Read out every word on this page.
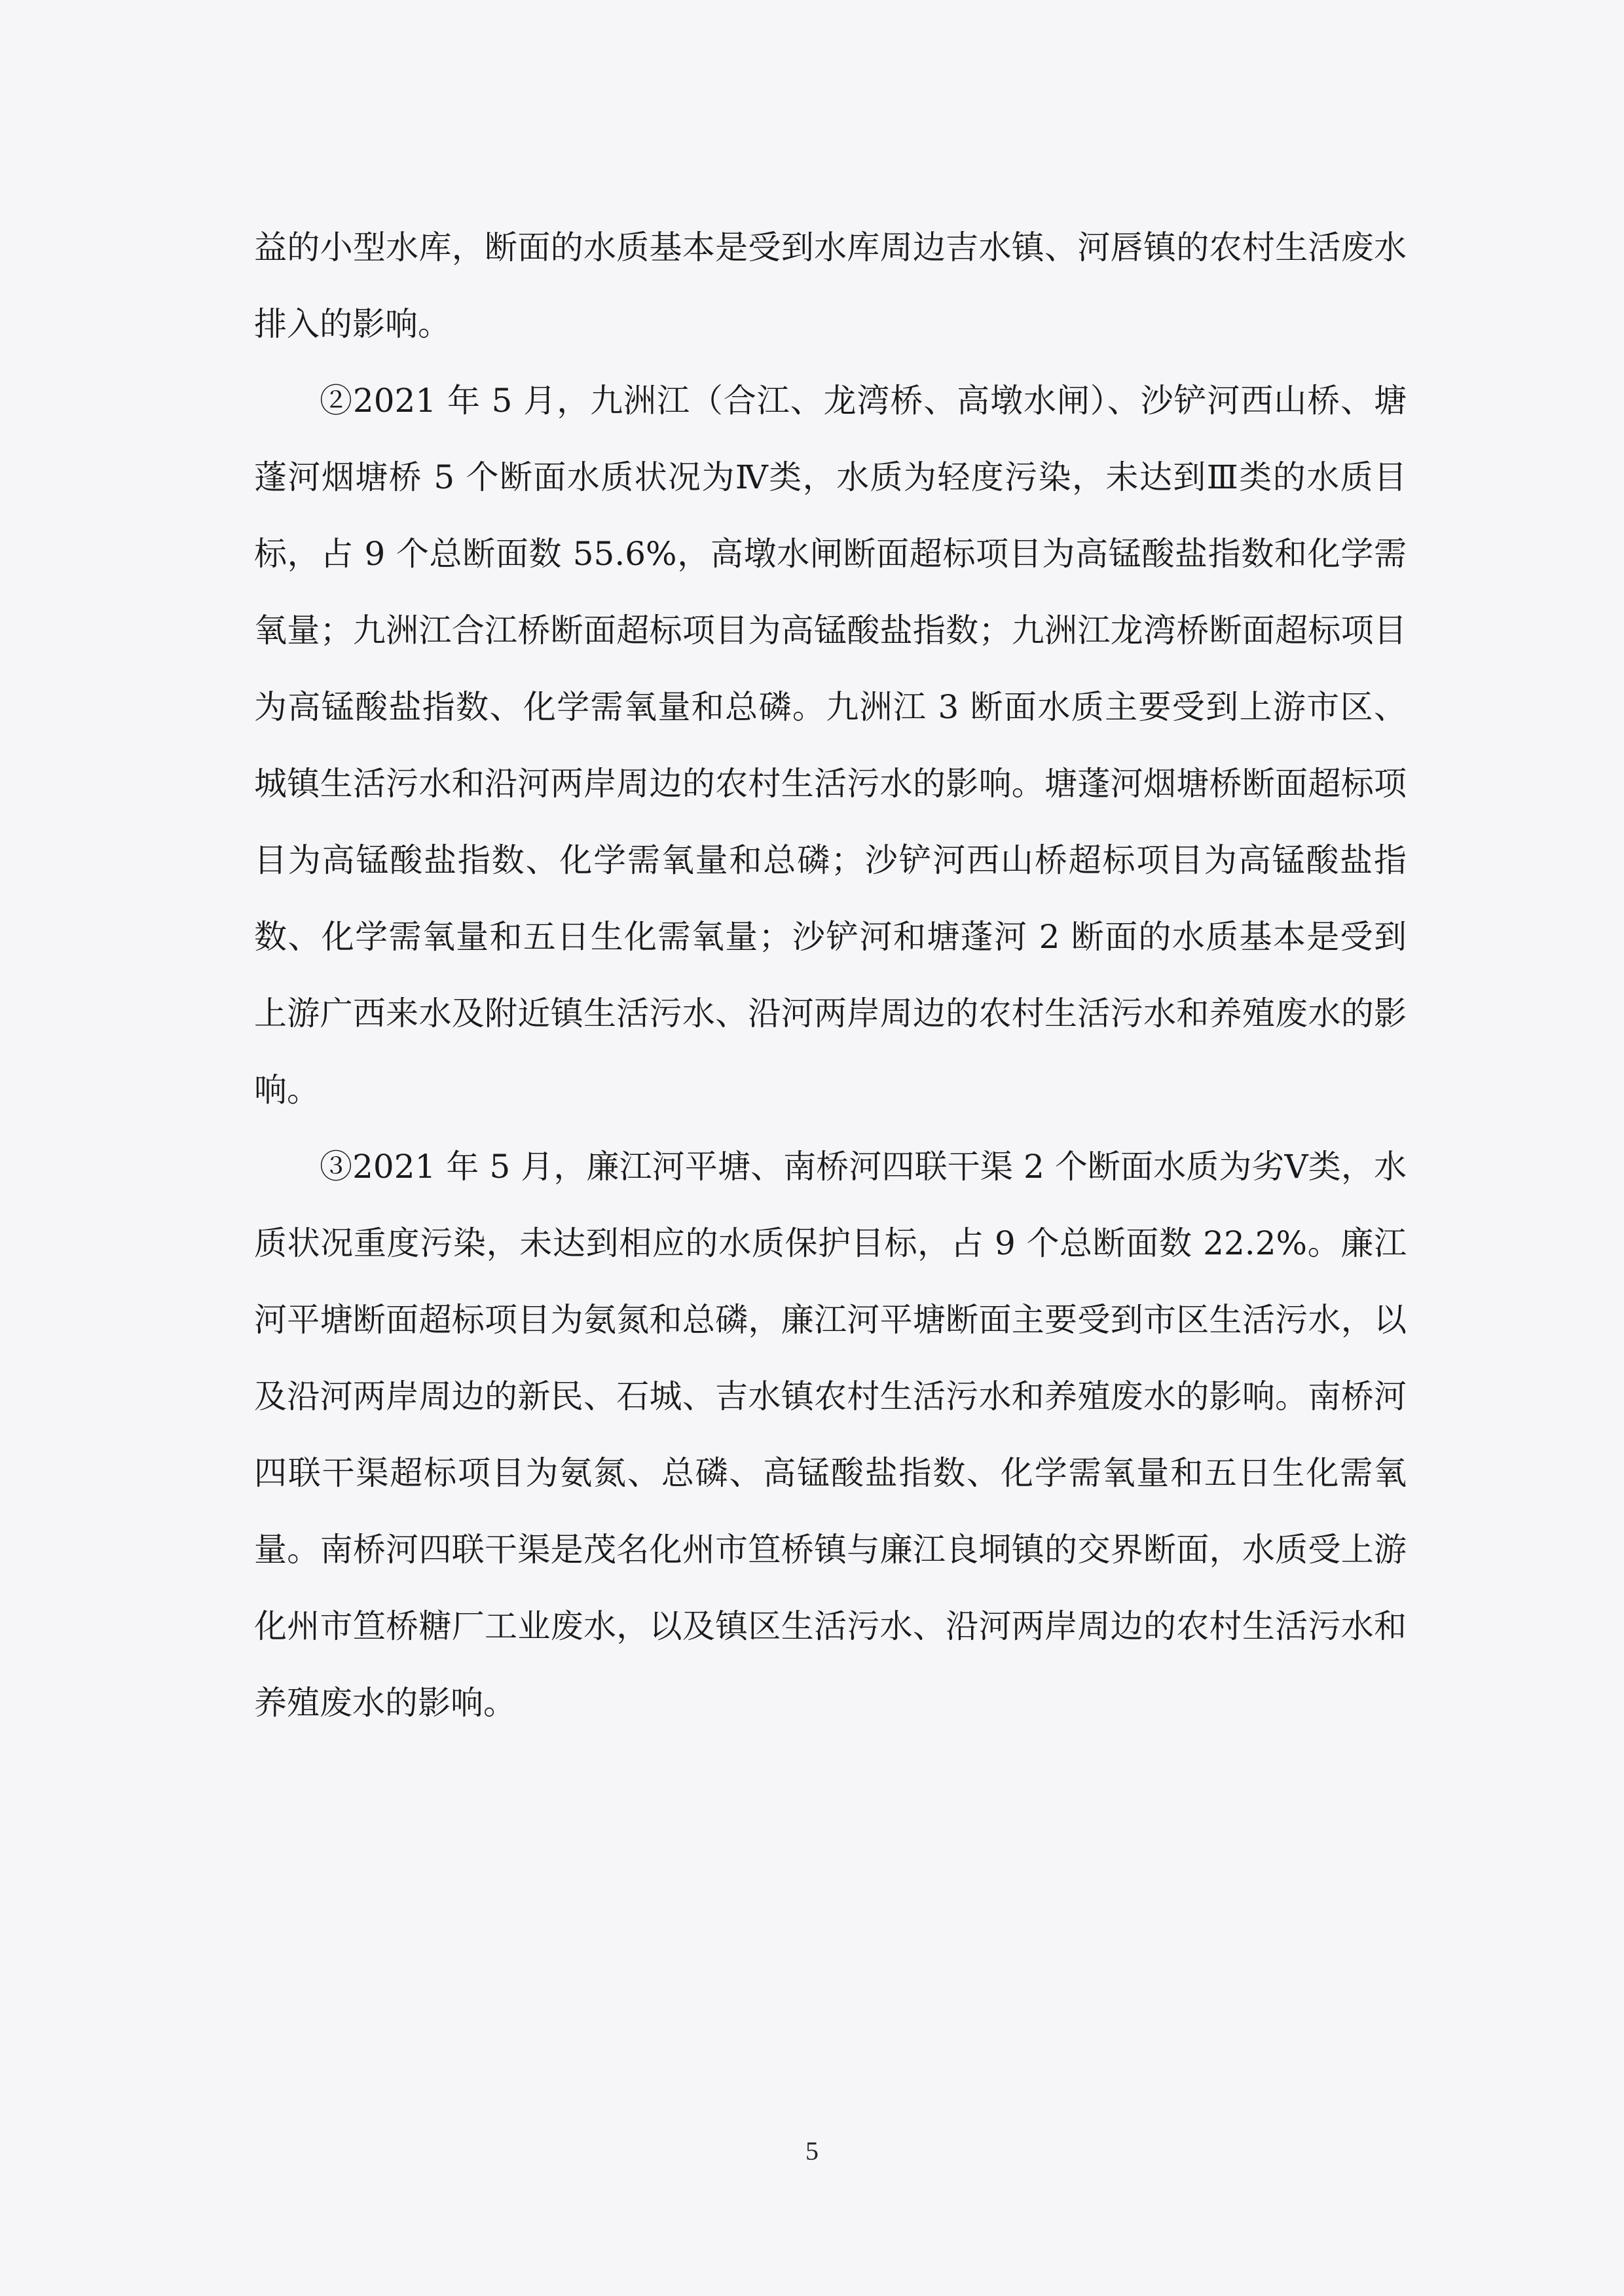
益的小型水库，断面的水质基本是受到水库周边吉水镇、河唇镇的农村生活废水排入的影响。

②2021 年 5 月，九洲江（合江、龙湾桥、高墩水闸）、沙铲河西山桥、塘蓬河烟塘桥 5 个断面水质状况为Ⅳ类，水质为轻度污染，未达到Ⅲ类的水质目标，占 9 个总断面数 55.6%，高墩水闸断面超标项目为高锰酸盐指数和化学需氧量；九洲江合江桥断面超标项目为高锰酸盐指数；九洲江龙湾桥断面超标项目为高锰酸盐指数、化学需氧量和总磷。九洲江 3 断面水质主要受到上游市区、城镇生活污水和沿河两岸周边的农村生活污水的影响。塘蓬河烟塘桥断面超标项目为高锰酸盐指数、化学需氧量和总磷；沙铲河西山桥超标项目为高锰酸盐指数、化学需氧量和五日生化需氧量；沙铲河和塘蓬河 2 断面的水质基本是受到上游广西来水及附近镇生活污水、沿河两岸周边的农村生活污水和养殖废水的影响。

③2021 年 5 月，廉江河平塘、南桥河四联干渠 2 个断面水质为劣Ⅴ类，水质状况重度污染，未达到相应的水质保护目标，占 9 个总断面数 22.2%。廉江河平塘断面超标项目为氨氮和总磷，廉江河平塘断面主要受到市区生活污水，以及沿河两岸周边的新民、石城、吉水镇农村生活污水和养殖废水的影响。南桥河四联干渠超标项目为氨氮、总磷、高锰酸盐指数、化学需氧量和五日生化需氧量。南桥河四联干渠是茂名化州市笪桥镇与廉江良垌镇的交界断面，水质受上游化州市笪桥糖厂工业废水，以及镇区生活污水、沿河两岸周边的农村生活污水和养殖废水的影响。

5
